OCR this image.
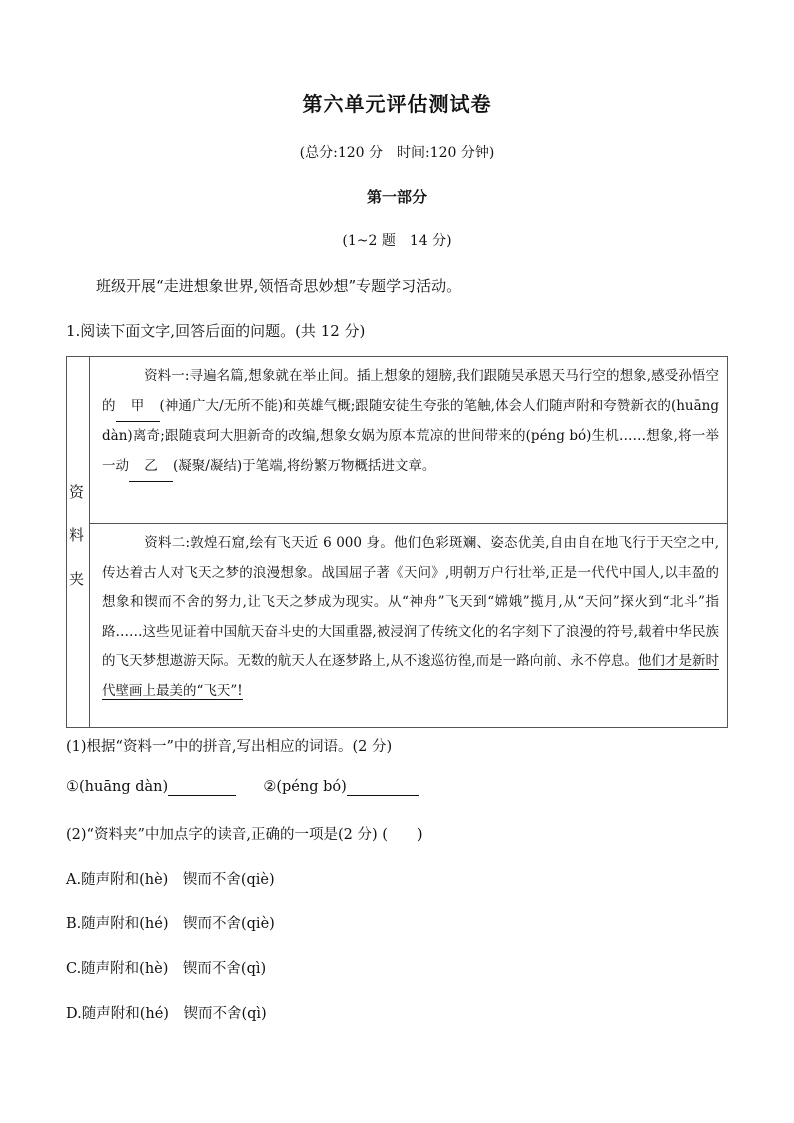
第六单元评估测试卷
(总分:120 分　时间:120 分钟)
第一部分
(1~2 题　14 分)
班级开展“走进想象世界,领悟奇思妙想”专题学习活动。
1.阅读下面文字,回答后面的问题。(共 12 分)
资
料
夹
资料一:寻遍名篇,想象就在举止间。插上想象的翅膀,我们跟随吴承恩天马行空的想象,感受孙悟空的 甲 (神通广大/无所不能)和英雄气概;跟随安徒生夸张的笔触,体会人们随声附和夸赞新衣的(huāng dàn)离奇;跟随袁珂大胆新奇的改编,想象女娲为原本荒凉的世间带来的(péng bó)生机……想象,将一举一动 乙 (凝聚/凝结)于笔端,将纷繁万物概括进文章。
资料二:敦煌石窟,绘有飞天近 6 000 身。他们色彩斑斓、姿态优美,自由自在地飞行于天空之中,传达着古人对飞天之梦的浪漫想象。战国屈子著《天问》,明朝万户行壮举,正是一代代中国人,以丰盈的想象和锲而不舍的努力,让飞天之梦成为现实。从“神舟”飞天到“嫦娥”揽月,从“天问”探火到“北斗”指路……这些见证着中国航天奋斗史的大国重器,被浸润了传统文化的名字刻下了浪漫的符号,载着中华民族的飞天梦想遨游天际。无数的航天人在逐梦路上,从不逡巡彷徨,而是一路向前、永不停息。他们才是新时代壁画上最美的“飞天”!
(1)根据“资料一”中的拼音,写出相应的词语。(2 分)
①(huāng dàn)	②(péng bó)
(2)“资料夹”中加点字的读音,正确的一项是(2 分) (　　)
A.随声附和(hè)　锲而不舍(qiè)
B.随声附和(hé)　锲而不舍(qiè)
C.随声附和(hè)　锲而不舍(qì)
D.随声附和(hé)　锲而不舍(qì)
